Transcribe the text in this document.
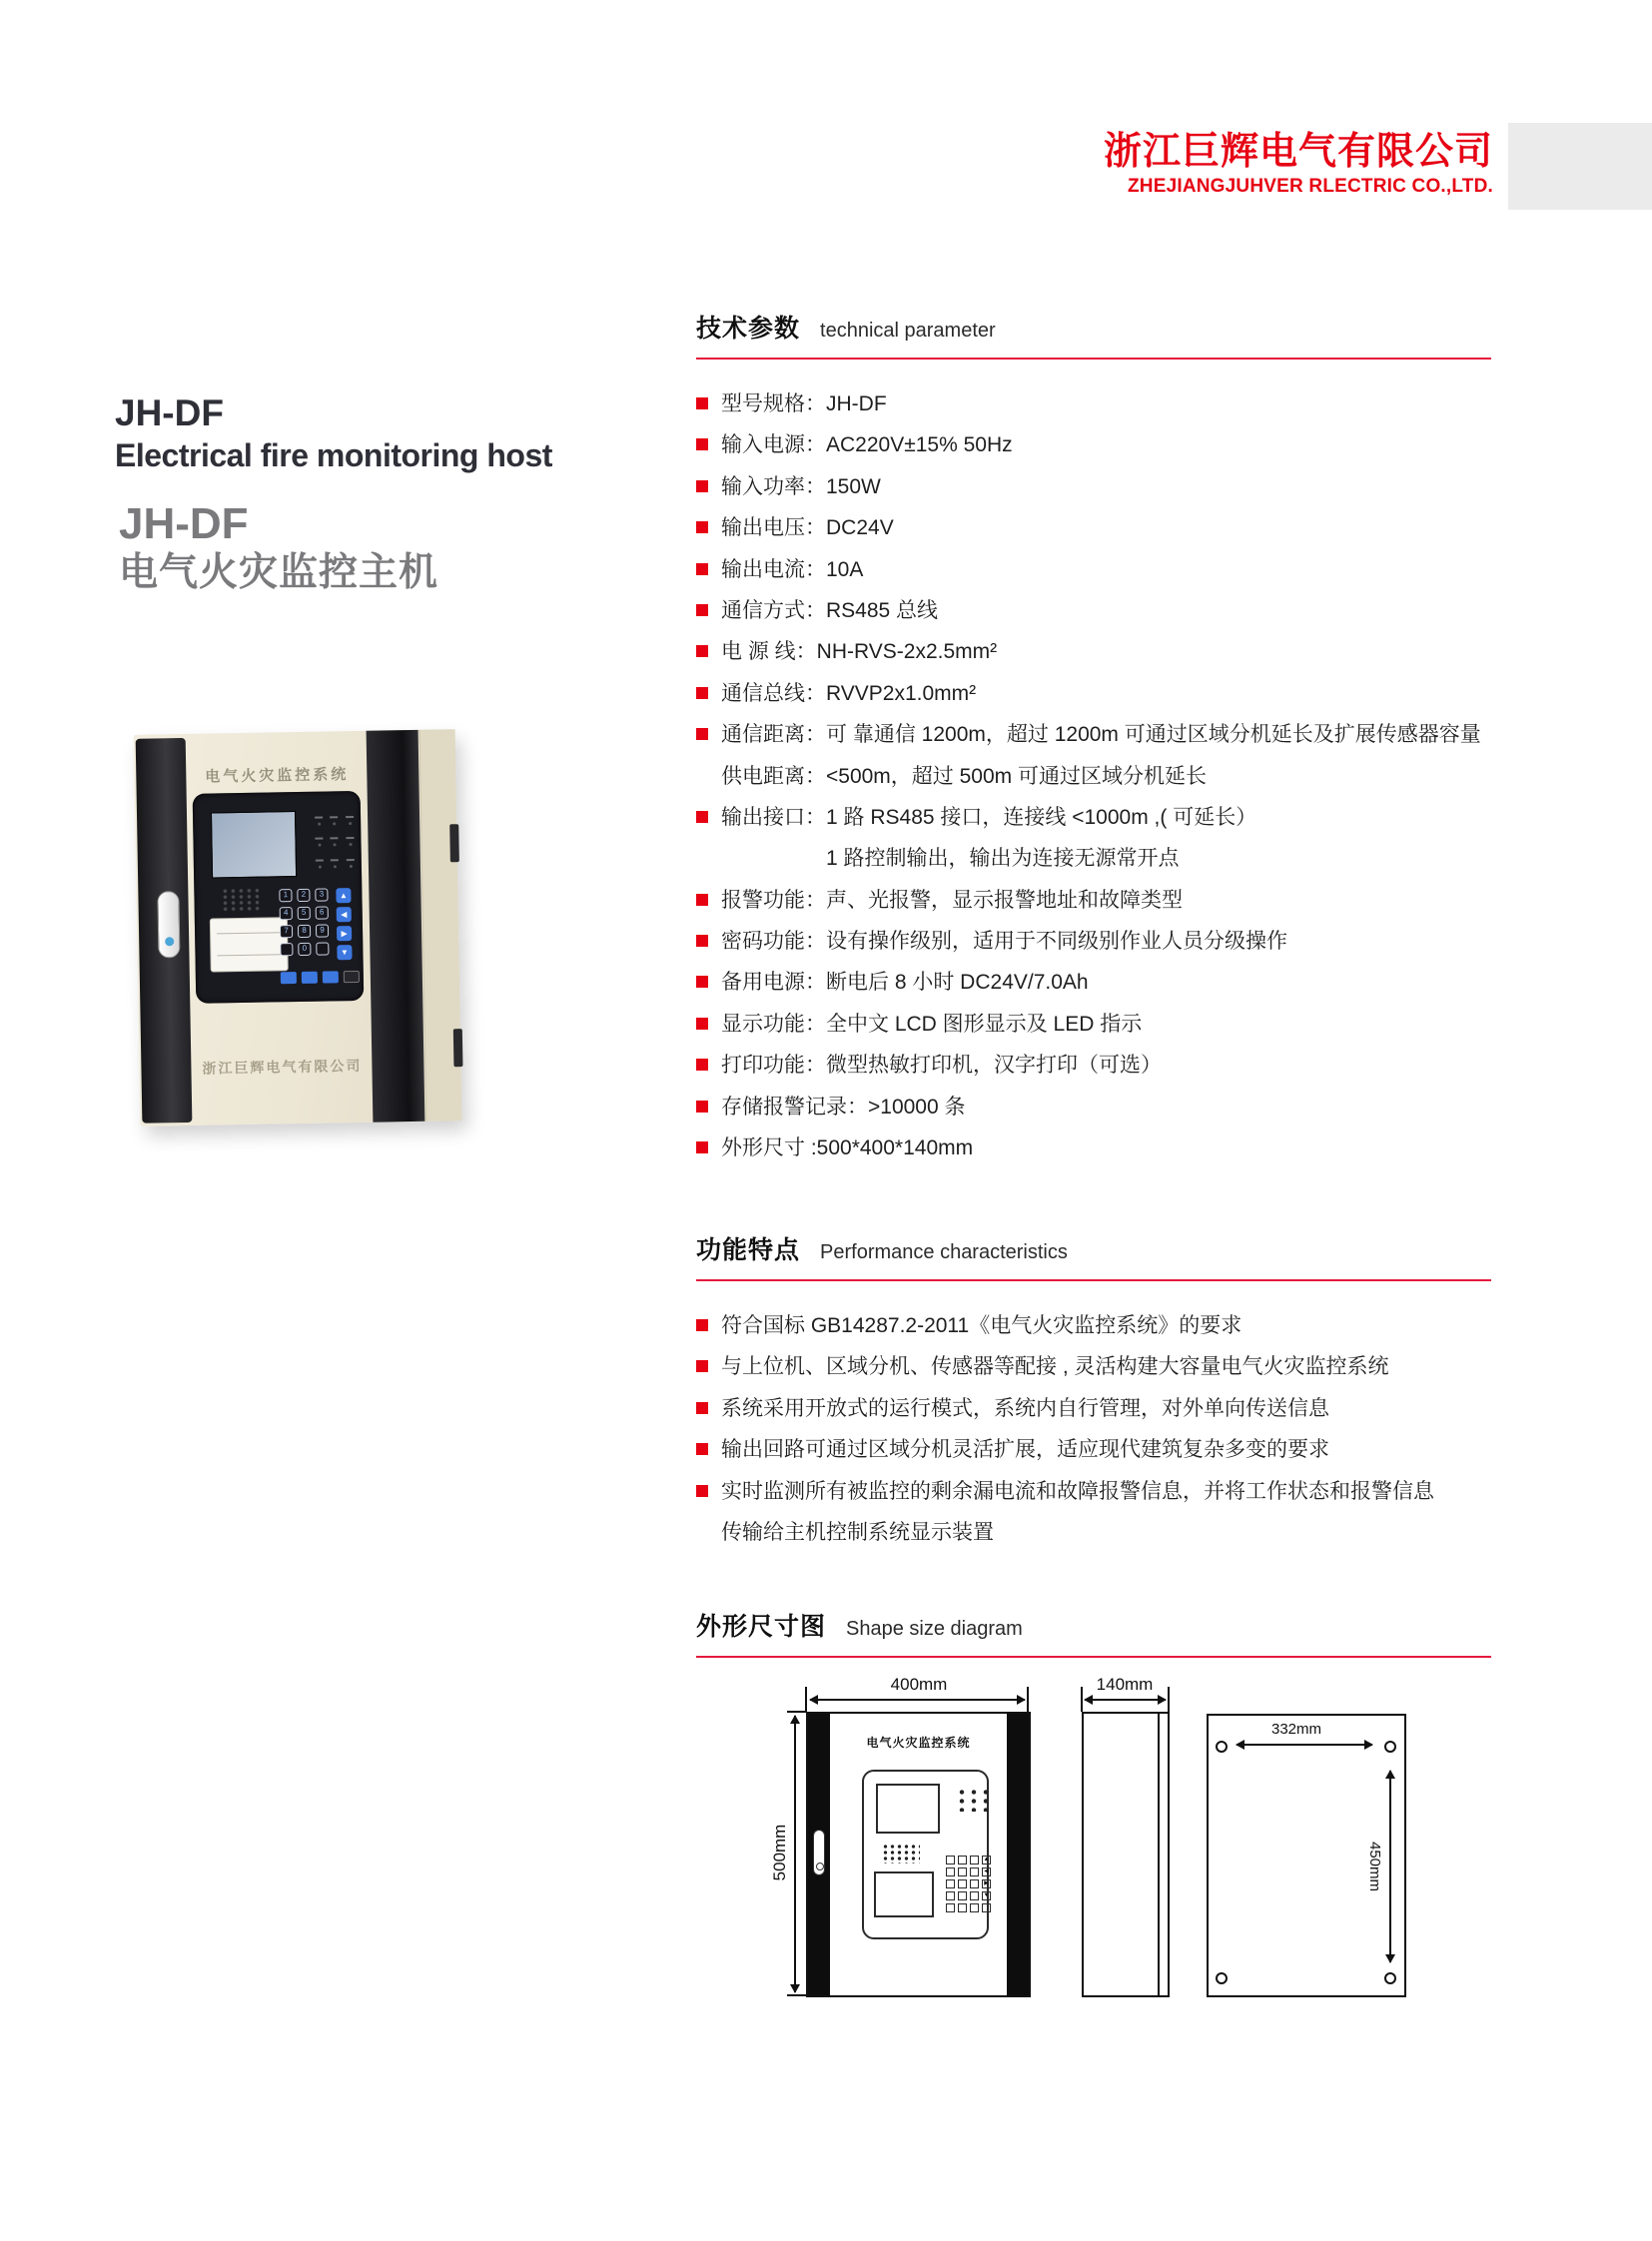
浙江巨辉电气有限公司
ZHEJIANGJUHVER RLECTRIC CO.,LTD.
JH-DF
Electrical fire monitoring host
JH-DF
电气火灾监控主机
电气火灾监控系统
1	2	3
4	5	6
7	8	9
0
▲
◀
▶
▼
浙江巨辉电气有限公司
技术参数 technical parameter
型号规格：JH-DF
输入电源：AC220V±15% 50Hz
输入功率：150W
输出电压：DC24V
输出电流：10A
通信方式：RS485 总线
电 源 线：NH-RVS-2x2.5mm²
通信总线：RVVP2x1.0mm²
通信距离：可 靠通信 1200m，超过 1200m 可通过区域分机延长及扩展传感器容量
供电距离：<500m，超过 500m 可通过区域分机延长
输出接口：1 路 RS485 接口，连接线 <1000m ,( 可延长）
1 路控制输出，输出为连接无源常开点
报警功能：声、光报警，显示报警地址和故障类型
密码功能：设有操作级别，适用于不同级别作业人员分级操作
备用电源：断电后 8 小时 DC24V/7.0Ah
显示功能：全中文 LCD 图形显示及 LED 指示
打印功能：微型热敏打印机，汉字打印（可选）
存储报警记录：>10000 条
外形尺寸 :500*400*140mm
功能特点 Performance characteristics
符合国标 GB14287.2-2011《电气火灾监控系统》的要求
与上位机、区域分机、传感器等配接 , 灵活构建大容量电气火灾监控系统
系统采用开放式的运行模式，系统内自行管理，对外单向传送信息
输出回路可通过区域分机灵活扩展，适应现代建筑复杂多变的要求
实时监测所有被监控的剩余漏电流和故障报警信息，并将工作状态和报警信息
传输给主机控制系统显示装置
外形尺寸图 Shape size diagram
400mm
500mm
电气火灾监控系统
▲
◀
▶
▼
140mm
332mm
450mm
